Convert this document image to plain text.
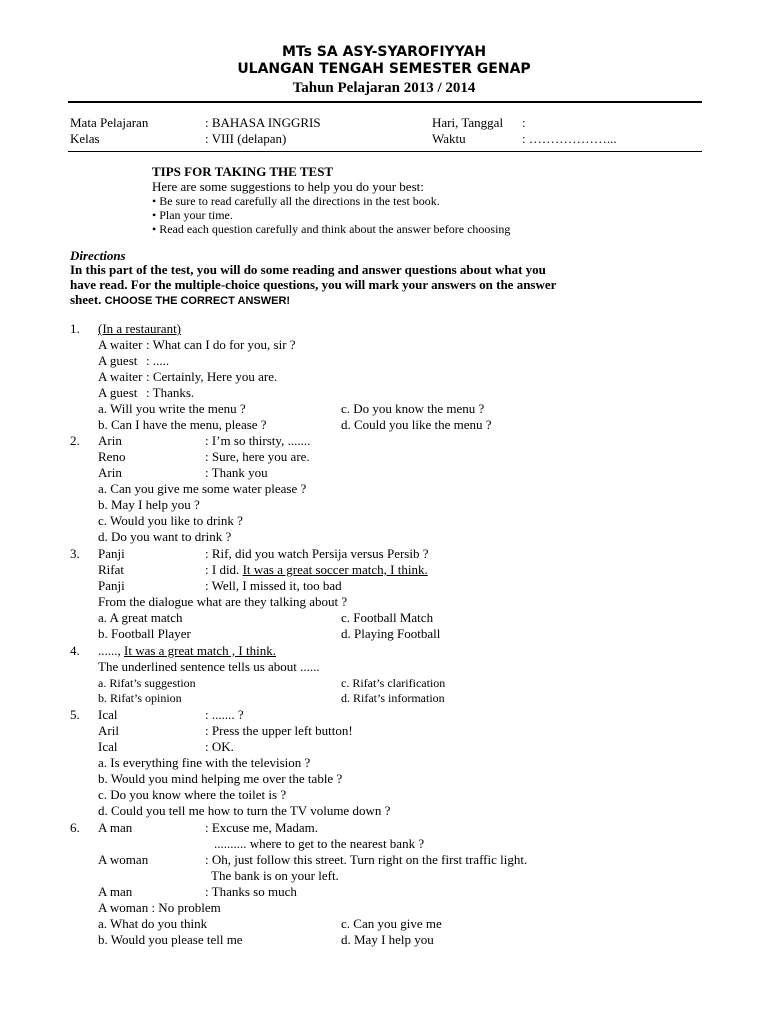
MTs SA ASY-SYAROFIYYAH
ULANGAN TENGAH SEMESTER GENAP
Tahun Pelajaran 2013 / 2014
Mata Pelajaran	: BAHASA INGGRIS	Hari, Tanggal :
Kelas	: VIII (delapan)	Waktu	: ………………...
TIPS FOR TAKING THE TEST
Here are some suggestions to help you do your best:
• Be sure to read carefully all the directions in the test book.
• Plan your time.
• Read each question carefully and think about the answer before choosing
Directions
In this part of the test, you will do some reading and answer questions about what you
have read. For the multiple-choice questions, you will mark your answers on the answer
sheet. CHOOSE THE CORRECT ANSWER!
1. (In a restaurant)
A waiter : What can I do for you, sir ?
A guest : .....
A waiter : Certainly, Here you are.
A guest : Thanks.
a. Will you write the menu ?	c. Do you know the menu ?
b. Can I have the menu, please ?	d. Could you like the menu ?
2. Arin	: I’m so thirsty, .......
Reno	: Sure, here you are.
Arin	: Thank you
a. Can you give me some water please ?
b. May I help you ?
c. Would you like to drink ?
d. Do you want to drink ?
3. Panji	: Rif, did you watch Persija versus Persib ?
Rifat	: I did. It was a great soccer match, I think.
Panji	: Well, I missed it, too bad
From the dialogue what are they talking about ?
a. A great match	c. Football Match
b. Football Player	d. Playing Football
4. ......, It was a great match , I think.
The underlined sentence tells us about ......
a. Rifat’s suggestion	c. Rifat’s clarification
b. Rifat’s opinion	d. Rifat’s information
5. Ical	: ....... ?
Aril	: Press the upper left button!
Ical	: OK.
a. Is everything fine with the television ?
b. Would you mind helping me over the table ?
c. Do you know where the toilet is ?
d. Could you tell me how to turn the TV volume down ?
6. A man	: Excuse me, Madam.
.......... where to get to the nearest bank ?
A woman	: Oh, just follow this street. Turn right on the first traffic light.
The bank is on your left.
A man	: Thanks so much
A woman : No problem
a. What do you think	c. Can you give me
b. Would you please tell me	d. May I help you
